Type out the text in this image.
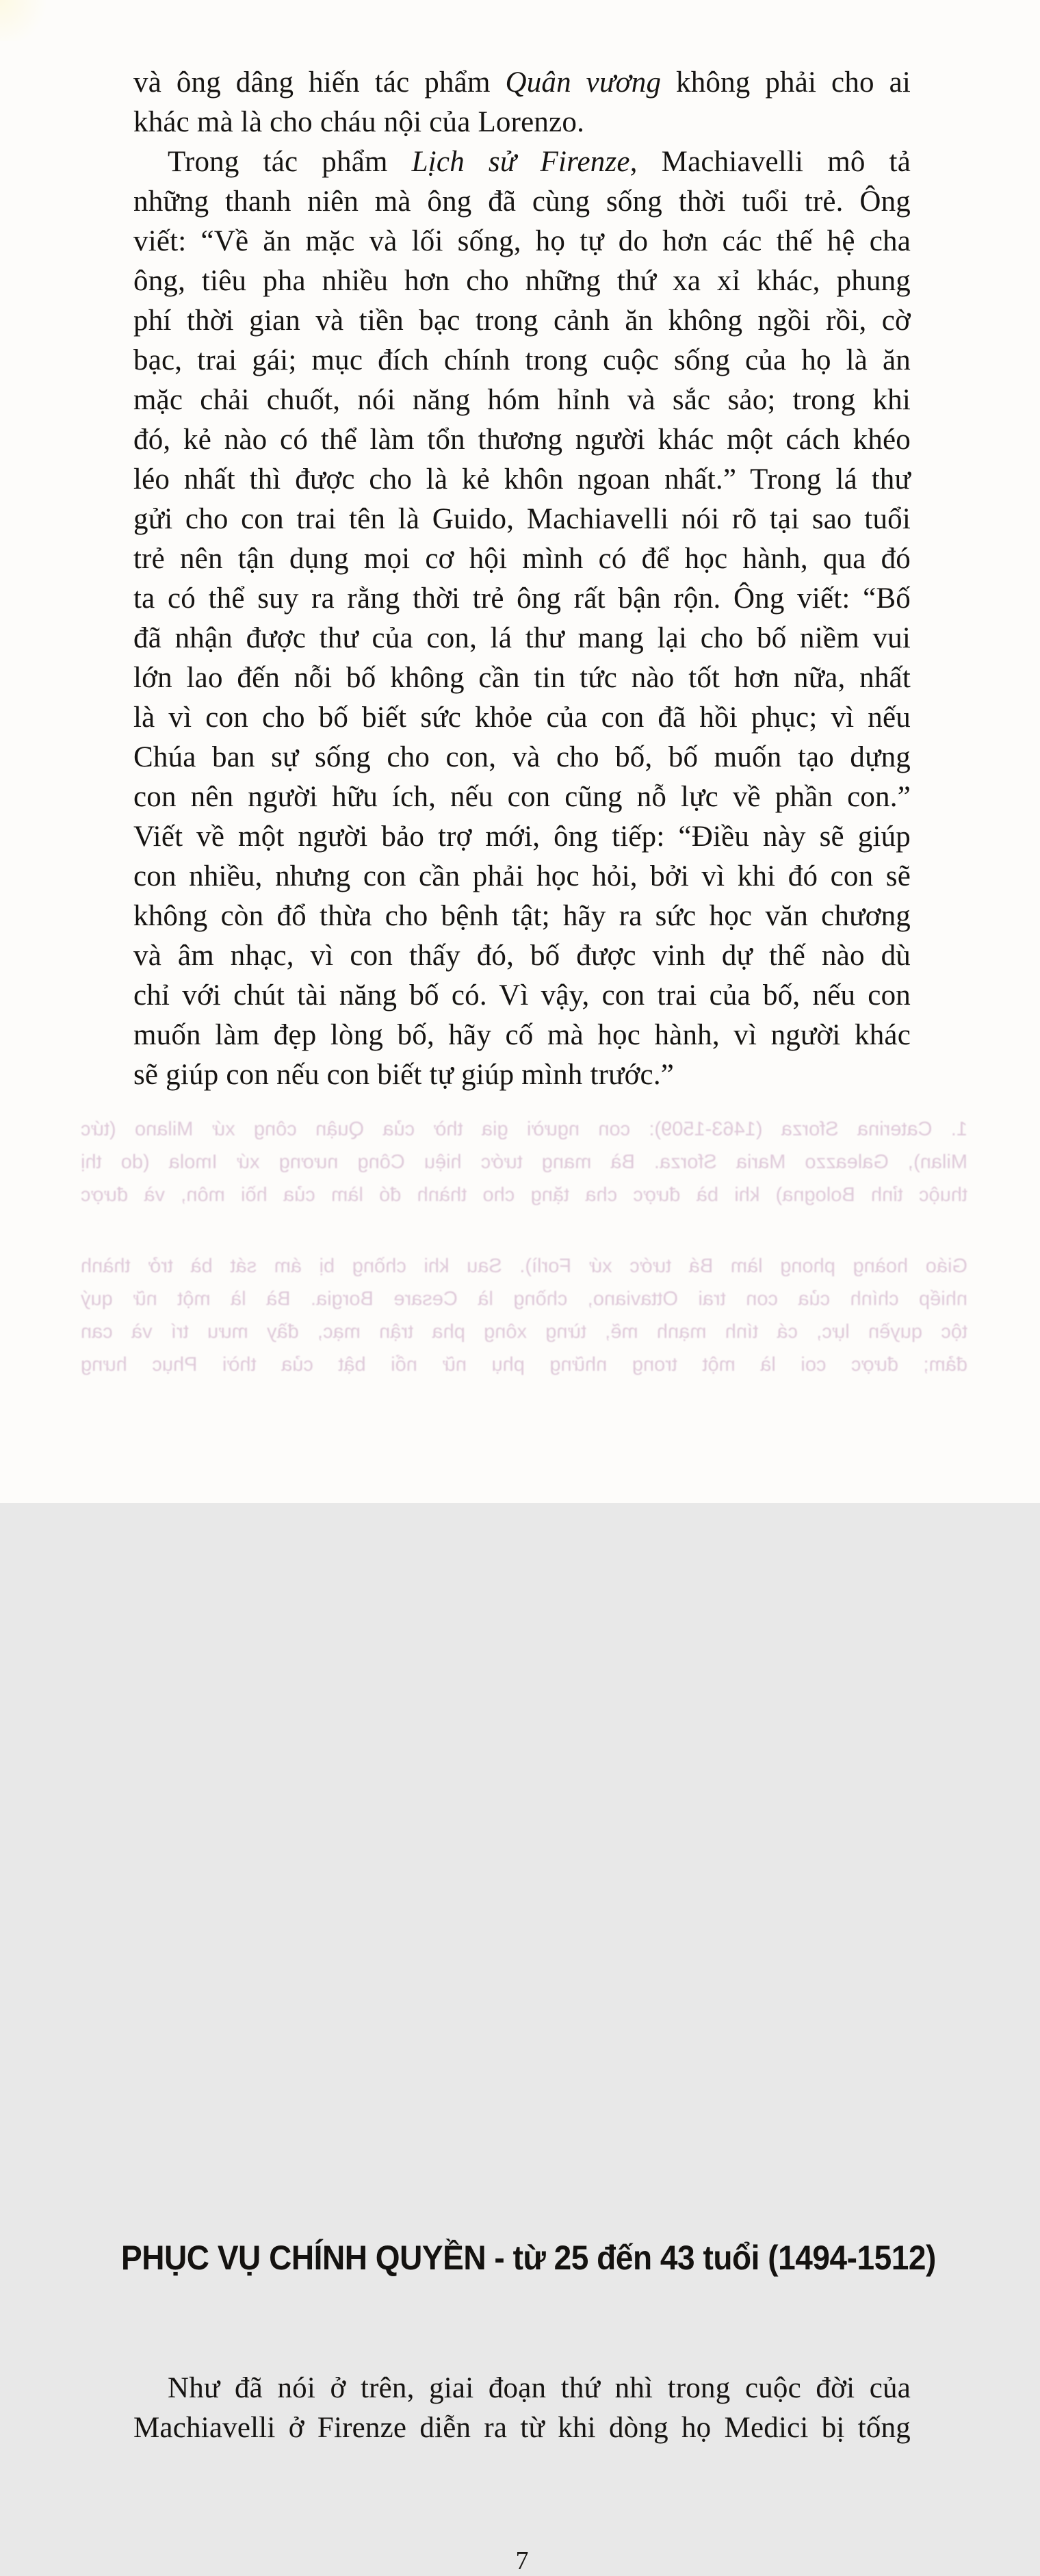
1. Caterina Sforza (1463-1509): con người gia thờ của Quận công xứ Milano (tức
Milan), Galeazzo Maria Sforza. Bà mang tước hiệu Công nương xứ Imola (do thị
thuộc tỉnh Bologna) khi bà được cha tặng cho thành đó làm của hồi môn, và được
Giáo hoàng phong làm Bá tước xứ Forlì). Sau khi chồng bị ám sát bà trở thành
nhiếp chính của con trai Ottaviano, chồng là Cesare Borgia. Bà là một nữ quý
tộc quyền lực, cá tính mạnh mẽ, từng xông pha trận mạc, đầy mưu trí và can
đảm; được coi là một trong những phụ nữ nổi bật của thời Phục hưng
và ông dâng hiến tác phẩm Quân vương không phải cho ai
khác mà là cho cháu nội của Lorenzo.
Trong tác phẩm Lịch sử Firenze, Machiavelli mô tả
những thanh niên mà ông đã cùng sống thời tuổi trẻ. Ông
viết: “Về ăn mặc và lối sống, họ tự do hơn các thế hệ cha
ông, tiêu pha nhiều hơn cho những thứ xa xỉ khác, phung
phí thời gian và tiền bạc trong cảnh ăn không ngồi rồi, cờ
bạc, trai gái; mục đích chính trong cuộc sống của họ là ăn
mặc chải chuốt, nói năng hóm hỉnh và sắc sảo; trong khi
đó, kẻ nào có thể làm tổn thương người khác một cách khéo
léo nhất thì được cho là kẻ khôn ngoan nhất.” Trong lá thư
gửi cho con trai tên là Guido, Machiavelli nói rõ tại sao tuổi
trẻ nên tận dụng mọi cơ hội mình có để học hành, qua đó
ta có thể suy ra rằng thời trẻ ông rất bận rộn. Ông viết: “Bố
đã nhận được thư của con, lá thư mang lại cho bố niềm vui
lớn lao đến nỗi bố không cần tin tức nào tốt hơn nữa, nhất
là vì con cho bố biết sức khỏe của con đã hồi phục; vì nếu
Chúa ban sự sống cho con, và cho bố, bố muốn tạo dựng
con nên người hữu ích, nếu con cũng nỗ lực về phần con.”
Viết về một người bảo trợ mới, ông tiếp: “Điều này sẽ giúp
con nhiều, nhưng con cần phải học hỏi, bởi vì khi đó con sẽ
không còn đổ thừa cho bệnh tật; hãy ra sức học văn chương
và âm nhạc, vì con thấy đó, bố được vinh dự thế nào dù
chỉ với chút tài năng bố có. Vì vậy, con trai của bố, nếu con
muốn làm đẹp lòng bố, hãy cố mà học hành, vì người khác
sẽ giúp con nếu con biết tự giúp mình trước.”
PHỤC VỤ CHÍNH QUYỀN - từ 25 đến 43 tuổi (1494-1512)
Như đã nói ở trên, giai đoạn thứ nhì trong cuộc đời của
Machiavelli ở Firenze diễn ra từ khi dòng họ Medici bị tống
7
